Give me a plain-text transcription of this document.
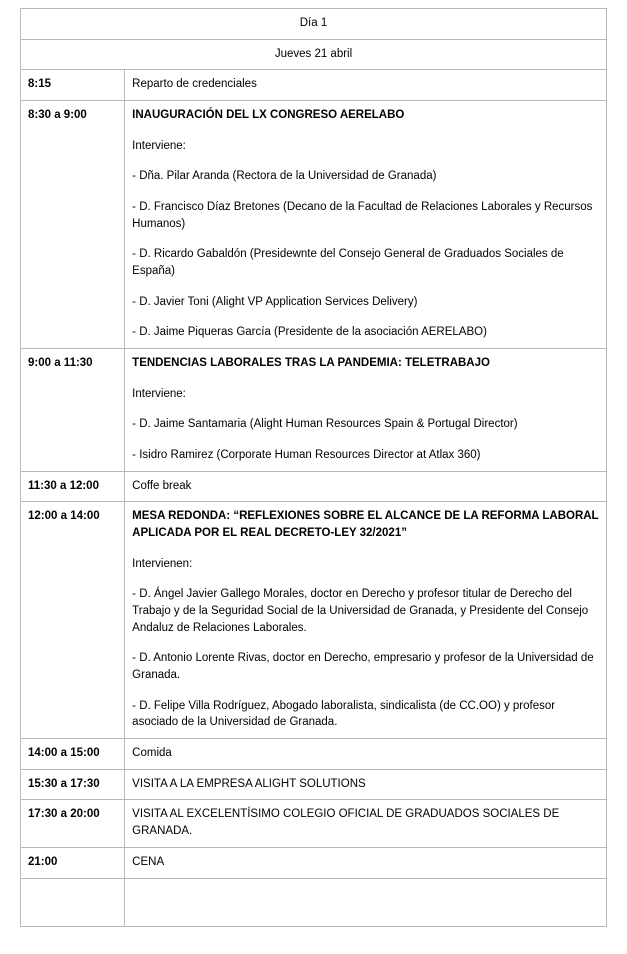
Día 1	
Jueves 21 abril	
8:15	Reparto de credenciales

8:30 a 9:00	INAUGURACIÓN DEL LX CONGRESO AERELABO

Interviene:

- Dña. Pilar Aranda (Rectora de la Universidad de Granada)

- D. Francisco Díaz Bretones (Decano de la Facultad de Relaciones Laborales y Recursos Humanos)

- D. Ricardo Gabaldón (Presidewnte del Consejo General de Graduados Sociales de España)

- D. Javier Toni (Alight VP Application Services Delivery)

- D. Jaime Piqueras García (Presidente de la asociación AERELABO)

9:00 a 11:30	TENDENCIAS LABORALES TRAS LA PANDEMIA: TELETRABAJO

Interviene:

- D. Jaime Santamaria (Alight Human Resources Spain & Portugal Director)

- Isidro Ramirez (Corporate Human Resources Director at Atlax 360)

11:30 a 12:00	Coffe break

12:00 a 14:00	MESA REDONDA: “REFLEXIONES SOBRE EL ALCANCE DE LA REFORMA LABORAL APLICADA POR EL REAL DECRETO-LEY 32/2021”

Intervienen:

- D. Ángel Javier Gallego Morales, doctor en Derecho y profesor titular de Derecho del Trabajo y de la Seguridad Social de la Universidad de Granada, y Presidente del Consejo Andaluz de Relaciones Laborales.

- D. Antonio Lorente Rivas, doctor en Derecho, empresario y profesor de la Universidad de Granada.

- D. Felipe Villa Rodríguez, Abogado laboralista, sindicalista (de CC.OO) y profesor asociado de la Universidad de Granada.

14:00 a 15:00	Comida

15:30 a 17:30	VISITA A LA EMPRESA ALIGHT SOLUTIONS

17:30 a 20:00	VISITA AL EXCELENTÍSIMO COLEGIO OFICIAL DE GRADUADOS SOCIALES DE GRANADA.

21:00	CENA
